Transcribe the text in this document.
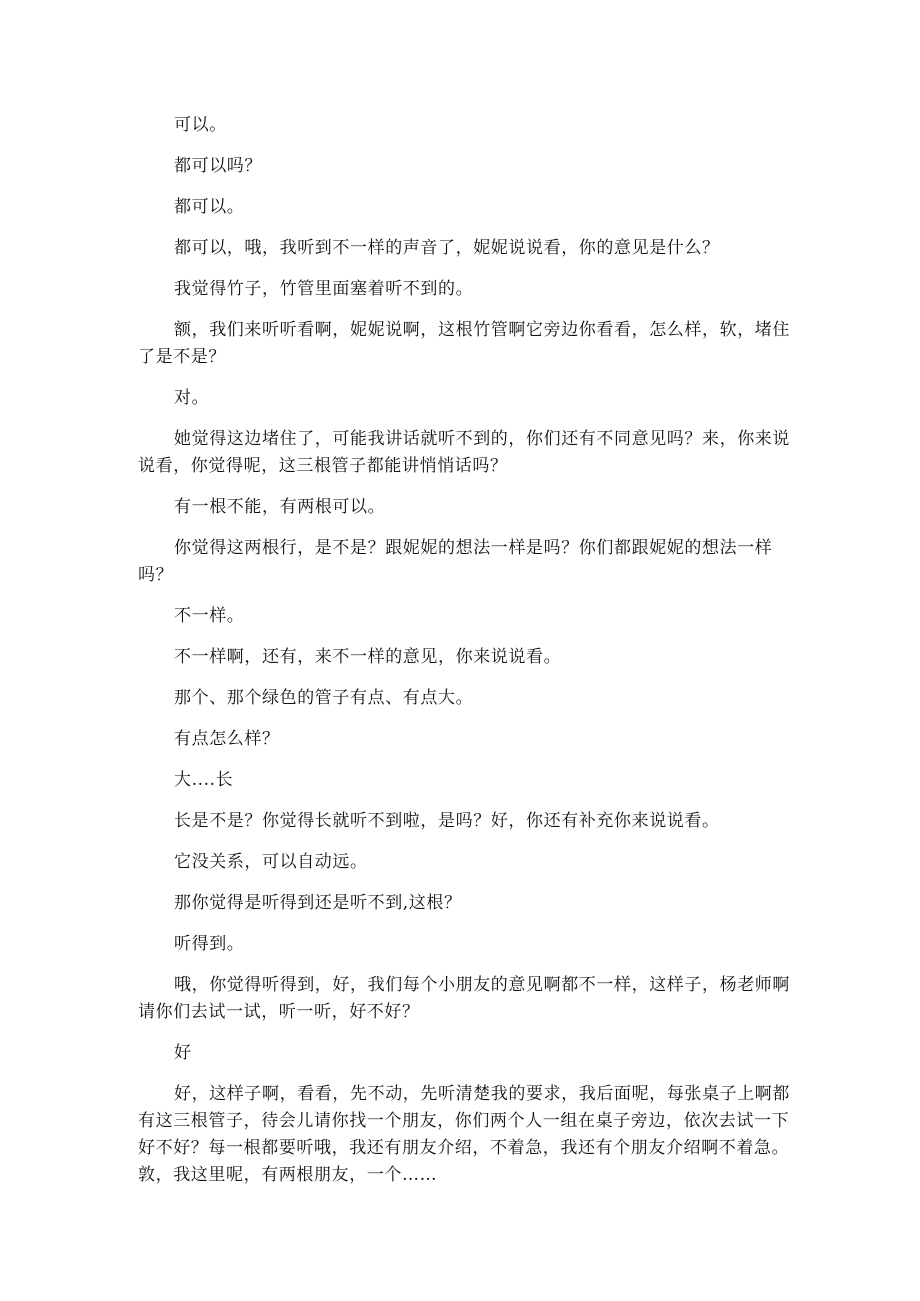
可以。

都可以吗？

都可以。

都可以，哦，我听到不一样的声音了，妮妮说说看，你的意见是什么？

我觉得竹子，竹管里面塞着听不到的。

额，我们来听听看啊，妮妮说啊，这根竹管啊它旁边你看看，怎么样，软，堵住了是不是？

对。

她觉得这边堵住了，可能我讲话就听不到的，你们还有不同意见吗？来，你来说说看，你觉得呢，这三根管子都能讲悄悄话吗？

有一根不能，有两根可以。

你觉得这两根行，是不是？跟妮妮的想法一样是吗？你们都跟妮妮的想法一样吗？

不一样。

不一样啊，还有，来不一样的意见，你来说说看。

那个、那个绿色的管子有点、有点大。

有点怎么样？

大....长

长是不是？你觉得长就听不到啦，是吗？好，你还有补充你来说说看。

它没关系，可以自动远。

那你觉得是听得到还是听不到,这根？

听得到。

哦，你觉得听得到，好，我们每个小朋友的意见啊都不一样，这样子，杨老师啊请你们去试一试，听一听，好不好？

好

好，这样子啊，看看，先不动，先听清楚我的要求，我后面呢，每张桌子上啊都有这三根管子，待会儿请你找一个朋友，你们两个人一组在桌子旁边，依次去试一下好不好？每一根都要听哦，我还有朋友介绍，不着急，我还有个朋友介绍啊不着急。敦，我这里呢，有两根朋友，一个……
